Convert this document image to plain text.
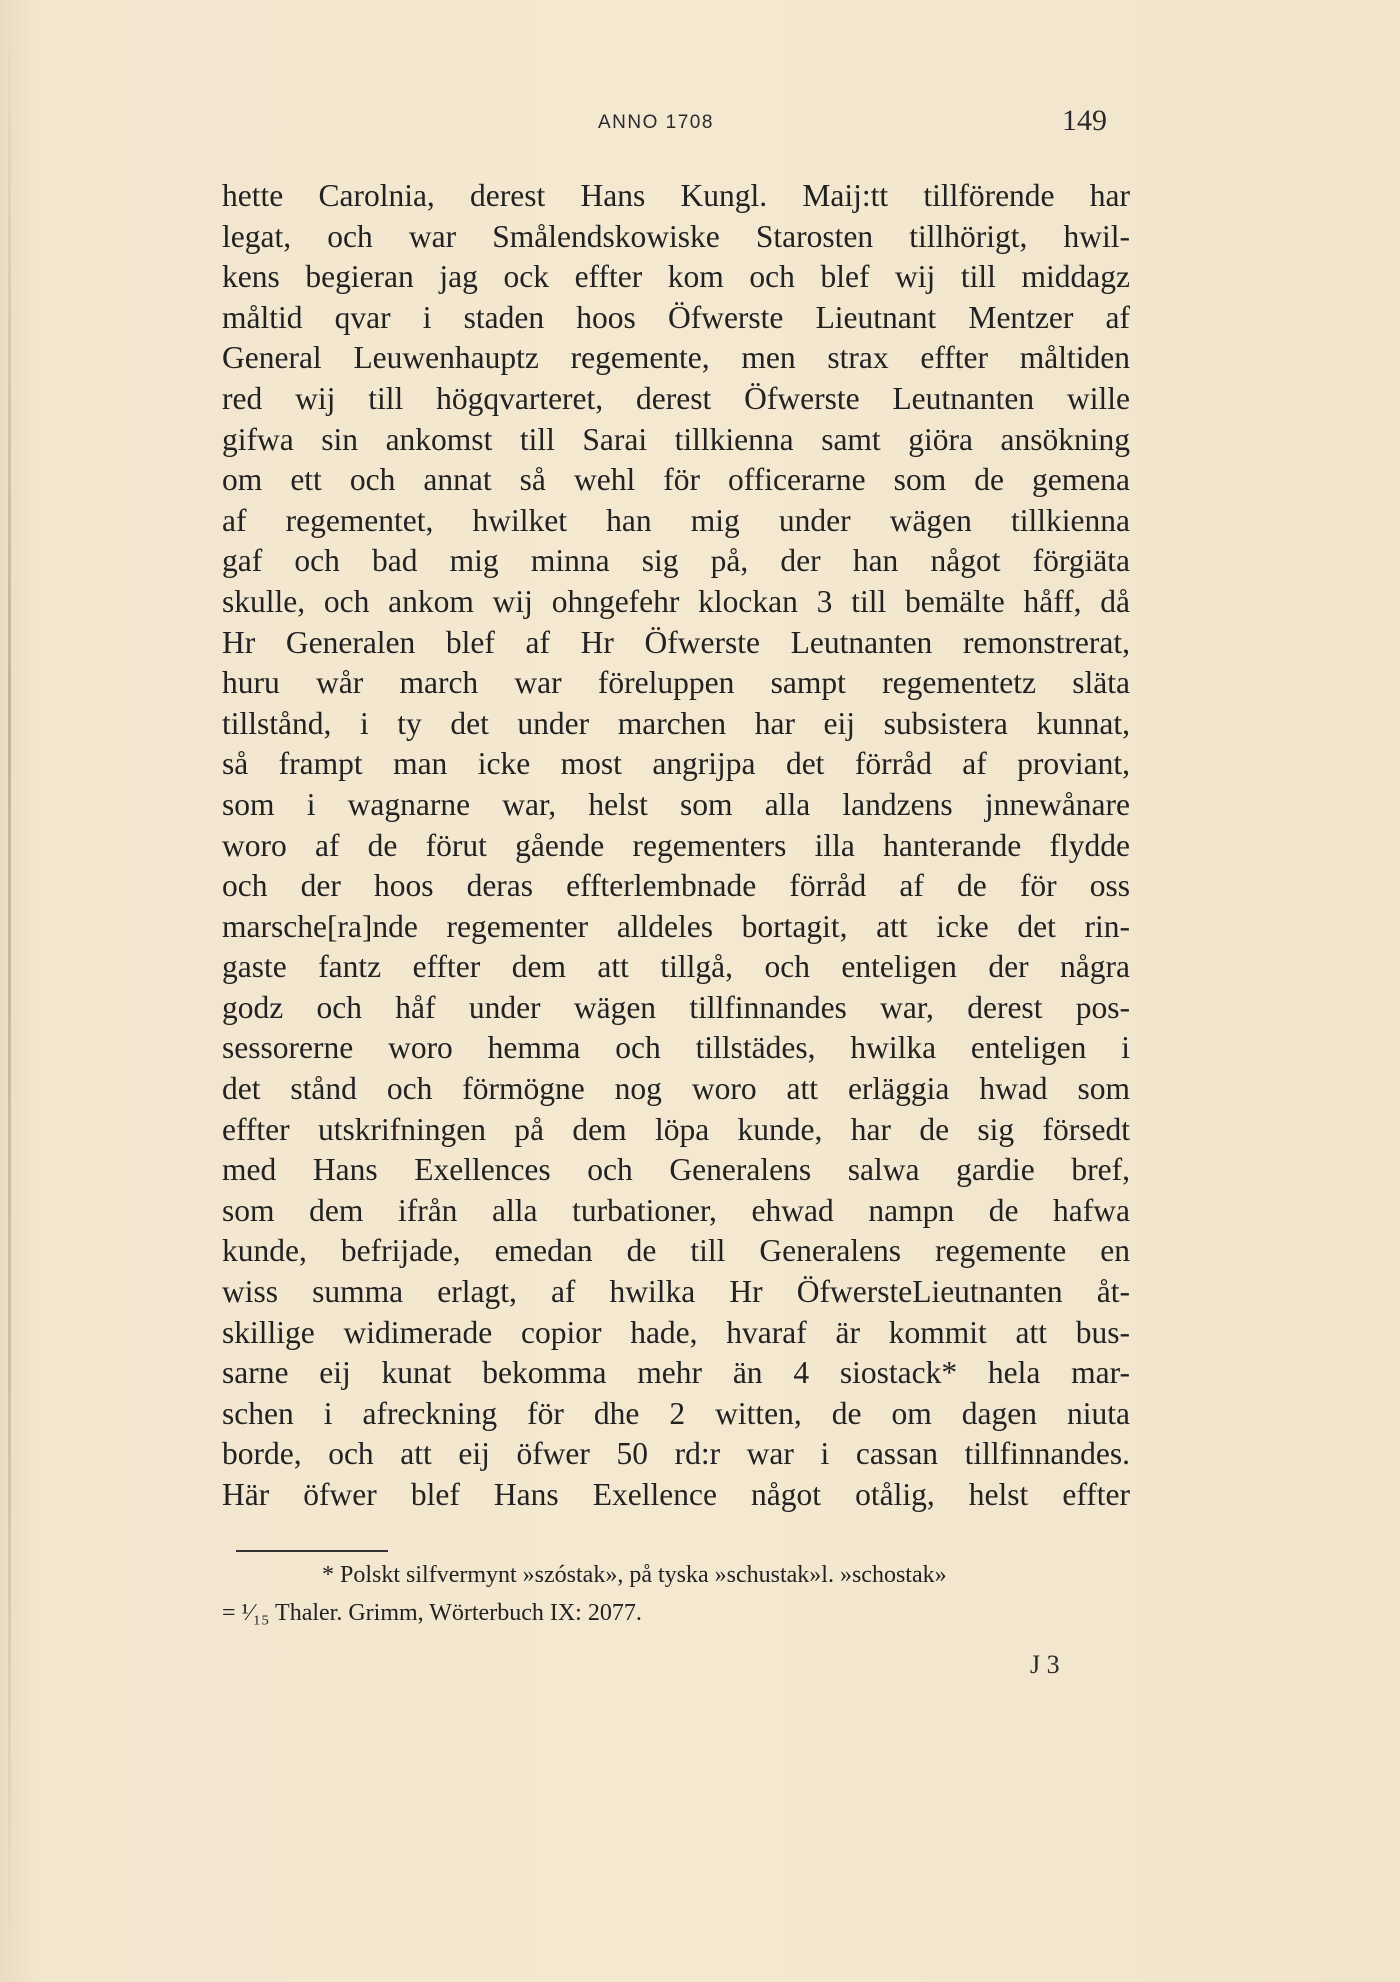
ANNO 1708	149
hette Carolnia, derest Hans Kungl. Maij:tt tillförende har
legat, och war Smålendskowiske Starosten tillhörigt, hwil-
kens begieran jag ock effter kom och blef wij till middagz
måltid qvar i staden hoos Öfwerste Lieutnant Mentzer af
General Leuwenhauptz regemente, men strax effter måltiden
red wij till högqvarteret, derest Öfwerste Leutnanten wille
gifwa sin ankomst till Sarai tillkienna samt giöra ansökning
om ett och annat så wehl för officerarne som de gemena
af regementet, hwilket han mig under wägen tillkienna
gaf och bad mig minna sig på, der han något förgiäta
skulle, och ankom wij ohngefehr klockan 3 till bemälte håff, då
Hr Generalen blef af Hr Öfwerste Leutnanten remonstrerat,
huru wår march war föreluppen sampt regementetz släta
tillstånd, i ty det under marchen har eij subsistera kunnat,
så frampt man icke most angrijpa det förråd af proviant,
som i wagnarne war, helst som alla landzens jnnewånare
woro af de förut gående regementers illa hanterande flydde
och der hoos deras effterlembnade förråd af de för oss
marsche[ra]nde regementer alldeles bortagit, att icke det rin-
gaste fantz effter dem att tillgå, och enteligen der några
godz och håf under wägen tillfinnandes war, derest pos-
sessorerne woro hemma och tillstädes, hwilka enteligen i
det stånd och förmögne nog woro att erläggia hwad som
effter utskrifningen på dem löpa kunde, har de sig försedt
med Hans Exellences och Generalens salwa gardie bref,
som dem ifrån alla turbationer, ehwad nampn de hafwa
kunde, befrijade, emedan de till Generalens regemente en
wiss summa erlagt, af hwilka Hr ÖfwersteLieutnanten åt-
skillige widimerade copior hade, hvaraf är kommit att bus-
sarne eij kunat bekomma mehr än 4 siostack* hela mar-
schen i afreckning för dhe 2 witten, de om dagen niuta
borde, och att eij öfwer 50 rd:r war i cassan tillfinnandes.
Här öfwer blef Hans Exellence något otålig, helst effter
* Polskt silfvermynt »szóstak», på tyska »schustak»l. »schostak»
= ¹⁄₁₅ Thaler. Grimm, Wörterbuch IX: 2077.
J 3
